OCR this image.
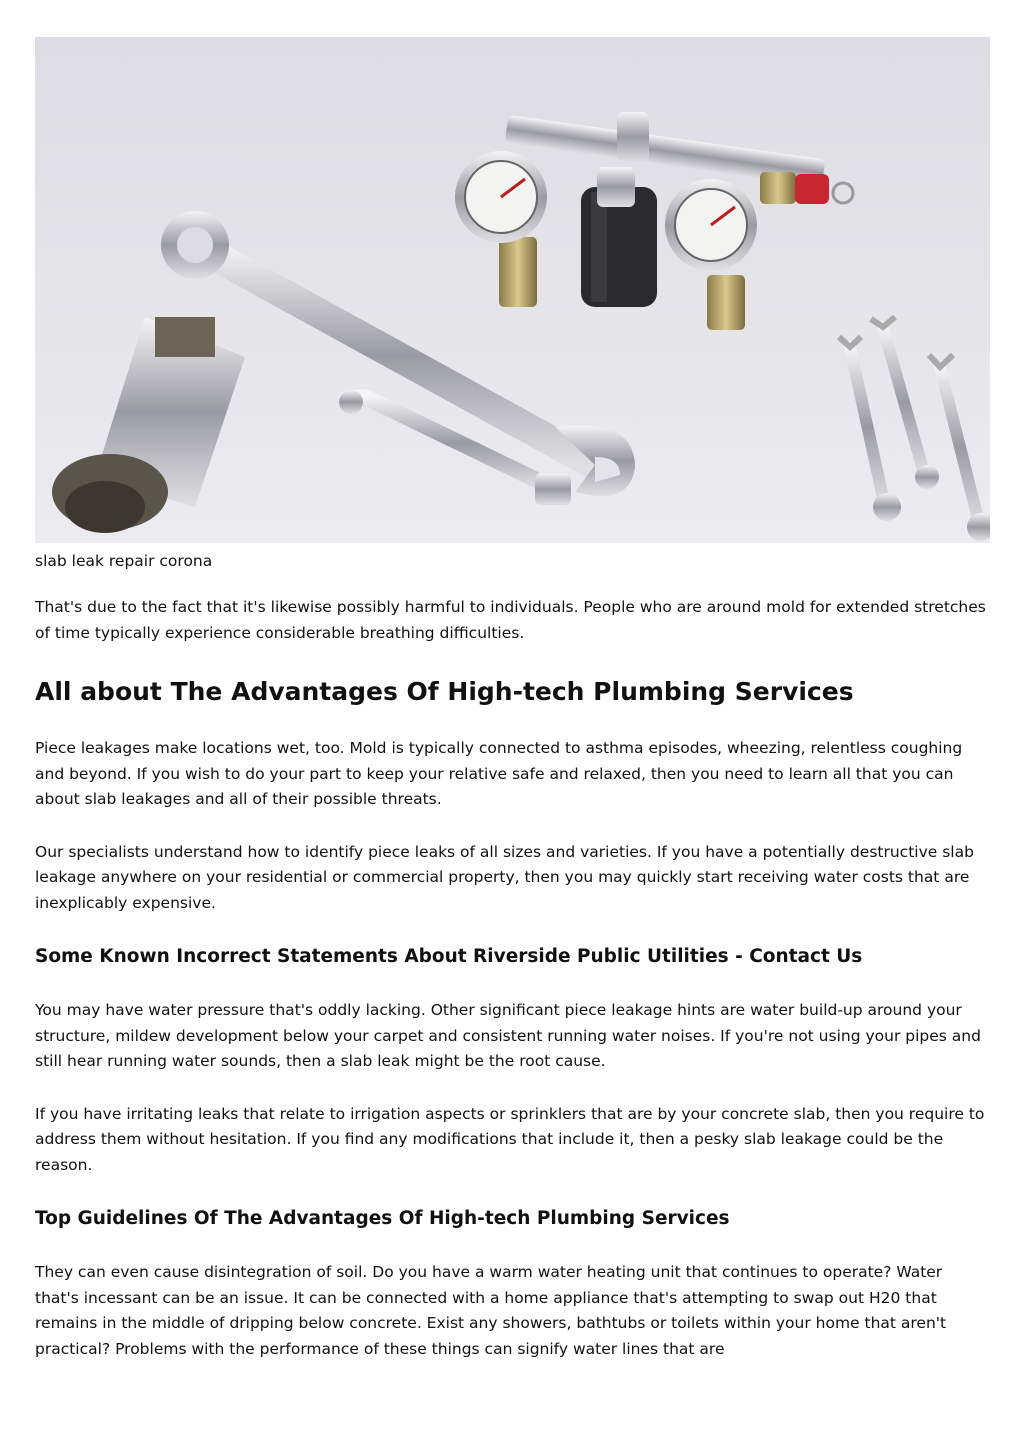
slab leak repair corona

That's due to the fact that it's likewise possibly harmful to individuals. People who are around mold for extended stretches of time typically experience considerable breathing difficulties.

All about The Advantages Of High-tech Plumbing Services

Piece leakages make locations wet, too. Mold is typically connected to asthma episodes, wheezing, relentless coughing and beyond. If you wish to do your part to keep your relative safe and relaxed, then you need to learn all that you can about slab leakages and all of their possible threats.

Our specialists understand how to identify piece leaks of all sizes and varieties. If you have a potentially destructive slab leakage anywhere on your residential or commercial property, then you may quickly start receiving water costs that are inexplicably expensive.

Some Known Incorrect Statements About Riverside Public Utilities - Contact Us

You may have water pressure that's oddly lacking. Other significant piece leakage hints are water build-up around your structure, mildew development below your carpet and consistent running water noises. If you're not using your pipes and still hear running water sounds, then a slab leak might be the root cause.

If you have irritating leaks that relate to irrigation aspects or sprinklers that are by your concrete slab, then you require to address them without hesitation. If you find any modifications that include it, then a pesky slab leakage could be the reason.

Top Guidelines Of The Advantages Of High-tech Plumbing Services

They can even cause disintegration of soil. Do you have a warm water heating unit that continues to operate? Water that's incessant can be an issue. It can be connected with a home appliance that's attempting to swap out H20 that remains in the middle of dripping below concrete. Exist any showers, bathtubs or toilets within your home that aren't practical? Problems with the performance of these things can signify water lines that are
